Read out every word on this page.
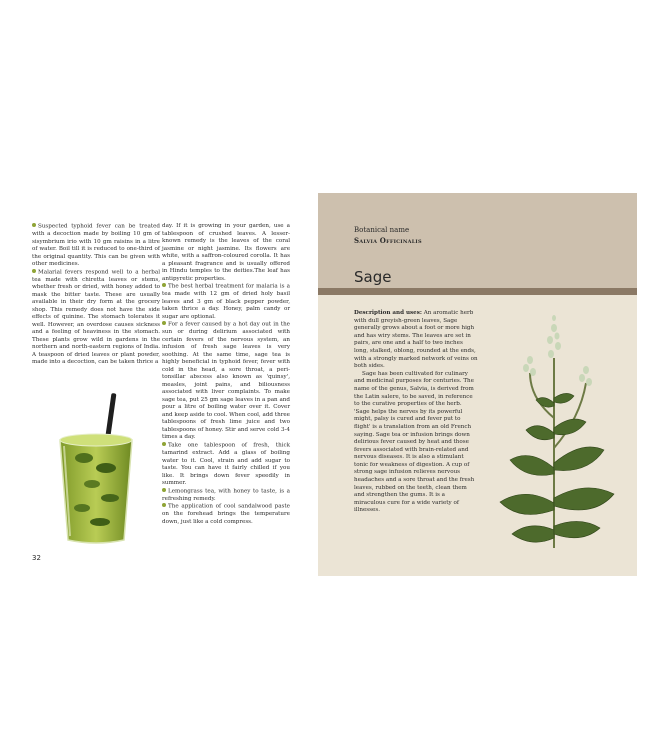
Suspected typhoid fever can be treated with a decoction made by boiling 10 gm of sisymbrium irio with 10 gm raisins in a litre of water. Boil till it is reduced to one-third of the original quantity. This can be given with other medicines.

Malarial fevers respond well to a herbal tea made with chiretta leaves or stems, whether fresh or dried, with honey added to mask the bitter taste. These are usually available in their dry form at the grocery shop. This remedy does not have the side effects of quinine. The stomach tolerates it well. However, an overdose causes sickness and a feeling of heaviness in the stomach. These plants grow wild in gardens in the northern and north-eastern regions of India. A teaspoon of dried leaves or plant powder, made into a decoction, can be taken thrice a

day. If it is growing in your garden, use a tablespoon of crushed leaves. A lesser-known remedy is the leaves of the coral jasmine or night jasmine. Its flowers are white, with a saffron-coloured corolla. It has a pleasant fragrance and is usually offered in Hindu temples to the deities.The leaf has antipyretic properties.

The best herbal treatment for malaria is a tea made with 12 gm of dried holy basil leaves and 3 gm of black pepper powder, taken thrice a day. Honey, palm candy or sugar are optional.

For a fever caused by a hot day out in the sun or during delirium associated with certain fevers of the nervous system, an infusion of fresh sage leaves is very soothing. At the same time, sage tea is highly beneficial in typhoid fever, fever with cold in the head, a sore throat, a peri-tonsillar abscess also known as 'quinsy', measles, joint pains, and biliousness associated with liver complaints. To make sage tea, put 25 gm sage leaves in a pan and pour a litre of boiling water over it. Cover and keep aside to cool. When cool, add three tablespoons of fresh lime juice and two tablespoons of honey. Stir and serve cold 3-4 times a day.

Take one tablespoon of fresh, thick tamarind extract. Add a glass of boiling water to it. Cool, strain and add sugar to taste. You can have it fairly chilled if you like. It brings down fever speedily in summer.

Lemongrass tea, with honey to taste, is a refreshing remedy.

The application of cool sandalwood paste on the forehead brings the temperature down, just like a cold compress.

32
Botanical name
Salvia Officinalis
Sage

Description and uses: An aromatic herb with dull greyish-green leaves, Sage generally grows about a foot or more high and has wiry stems. The leaves are set in pairs, are one and a half to two inches long, stalked, oblong, rounded at the ends, with a strongly marked network of veins on both sides.

Sage has been cultivated for culinary and medicinal purposes for centuries. The name of the genus, Salvia, is derived from the Latin salere, to be saved, in reference to the curative properties of the herb. 'Sage helps the nerves by its powerful might, palsy is cured and fever put to flight' is a translation from an old French saying. Sage tea or infusion brings down delirious fever caused by heat and those fevers associated with brain-related and nervous diseases. It is also a stimulant tonic for weakness of digestion. A cup of strong sage infusion relieves nervous headaches and a sore throat and the fresh leaves, rubbed on the teeth, clean them and strengthen the gums. It is a miraculous cure for a wide variety of illnesses.
